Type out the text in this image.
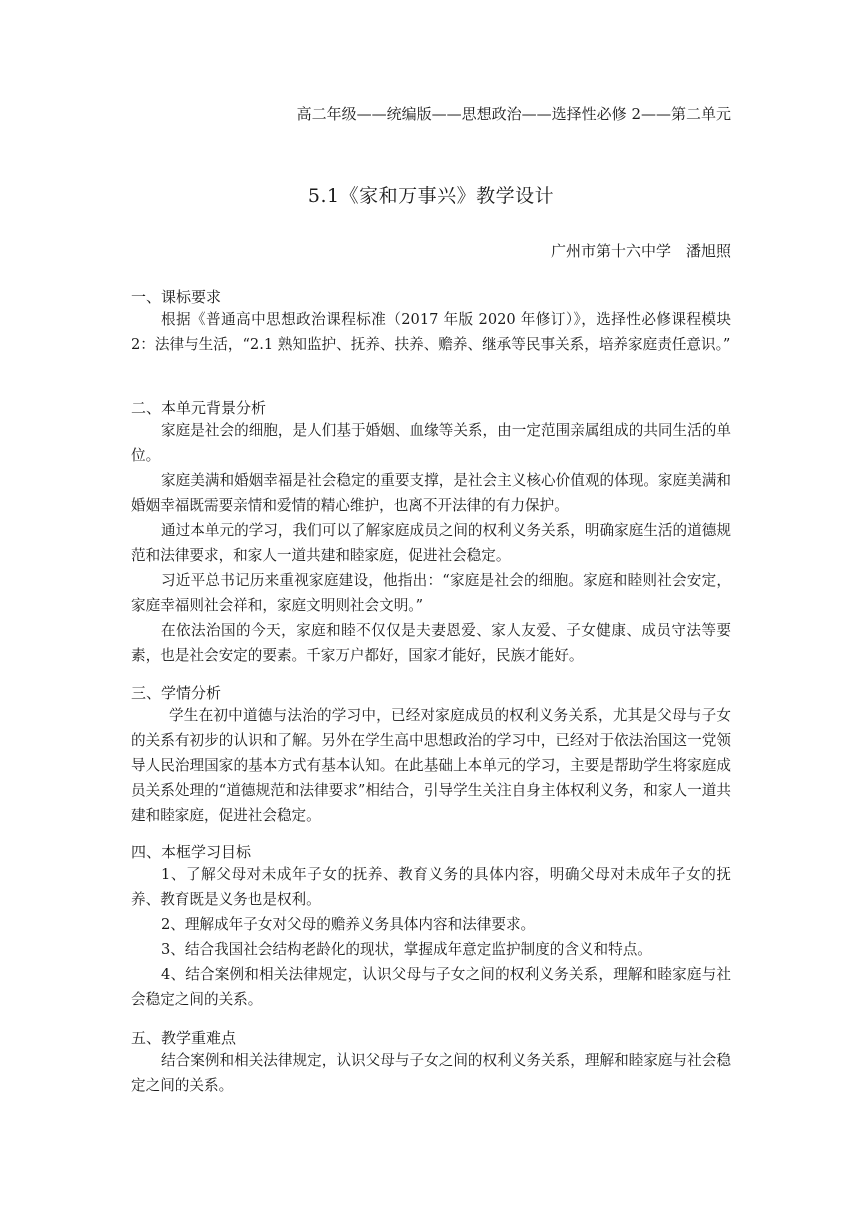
高二年级——统编版——思想政治——选择性必修 2——第二单元
5.1《家和万事兴》教学设计
广州市第十六中学　潘旭照
一、课标要求

根据《普通高中思想政治课程标准（2017 年版 2020 年修订）》，选择性必修课程模块 2：法律与生活，“2.1 熟知监护、抚养、扶养、赡养、继承等民事关系，培养家庭责任意识。”

二、本单元背景分析

家庭是社会的细胞，是人们基于婚姻、血缘等关系，由一定范围亲属组成的共同生活的单位。

家庭美满和婚姻幸福是社会稳定的重要支撑，是社会主义核心价值观的体现。家庭美满和婚姻幸福既需要亲情和爱情的精心维护，也离不开法律的有力保护。

通过本单元的学习，我们可以了解家庭成员之间的权利义务关系，明确家庭生活的道德规范和法律要求，和家人一道共建和睦家庭，促进社会稳定。

习近平总书记历来重视家庭建设，他指出：“家庭是社会的细胞。家庭和睦则社会安定，家庭幸福则社会祥和，家庭文明则社会文明。”

在依法治国的今天，家庭和睦不仅仅是夫妻恩爱、家人友爱、子女健康、成员守法等要素，也是社会安定的要素。千家万户都好，国家才能好，民族才能好。

三、学情分析

学生在初中道德与法治的学习中，已经对家庭成员的权利义务关系，尤其是父母与子女的关系有初步的认识和了解。另外在学生高中思想政治的学习中，已经对于依法治国这一党领导人民治理国家的基本方式有基本认知。在此基础上本单元的学习，主要是帮助学生将家庭成员关系处理的“道德规范和法律要求”相结合，引导学生关注自身主体权利义务，和家人一道共建和睦家庭，促进社会稳定。

四、本框学习目标

1、了解父母对未成年子女的抚养、教育义务的具体内容，明确父母对未成年子女的抚养、教育既是义务也是权利。

2、理解成年子女对父母的赡养义务具体内容和法律要求。

3、结合我国社会结构老龄化的现状，掌握成年意定监护制度的含义和特点。

4、结合案例和相关法律规定，认识父母与子女之间的权利义务关系，理解和睦家庭与社会稳定之间的关系。

五、教学重难点

结合案例和相关法律规定，认识父母与子女之间的权利义务关系，理解和睦家庭与社会稳定之间的关系。
